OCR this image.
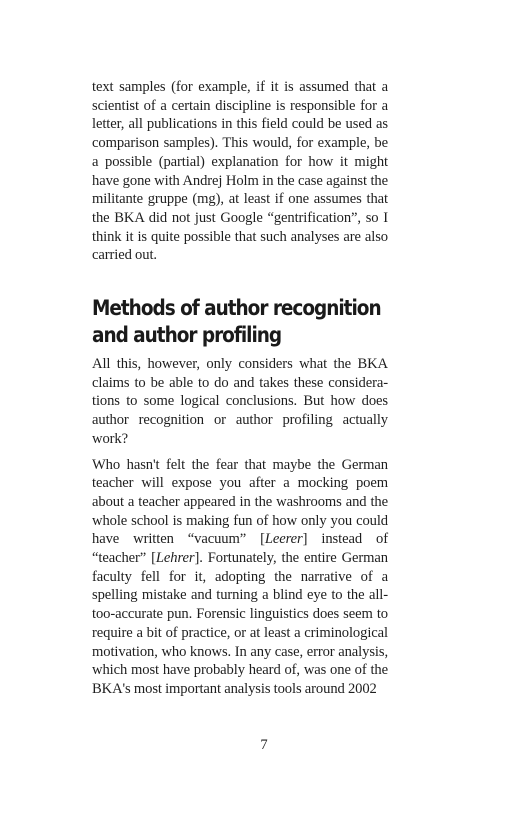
text samples (for example, if it is assumed that a scientist of a certain discipline is responsible for a letter, all publications in this field could be used as comparison samples). This would, for example, be a possible (partial) explanation for how it might have gone with Andrej Holm in the case against the militante gruppe (mg), at least if one assumes that the BKA did not just Google “gentrification”, so I think it is quite possible that such analyses are also carried out.

Methods of author recognition and author profiling

All this, however, only considers what the BKA claims to be able to do and takes these considera-tions to some logical conclusions. But how does author recognition or author profiling actually work?

Who hasn't felt the fear that maybe the German teacher will expose you after a mocking poem about a teacher appeared in the washrooms and the whole school is making fun of how only you could have written “vacuum” [Leerer] instead of “teacher” [Lehrer]. Fortunately, the entire German faculty fell for it, adopting the narrative of a spelling mistake and turning a blind eye to the all-too-accurate pun. Forensic linguistics does seem to require a bit of practice, or at least a criminological motivation, who knows. In any case, error analysis, which most have probably heard of, was one of the BKA's most important analysis tools around 2002

7
